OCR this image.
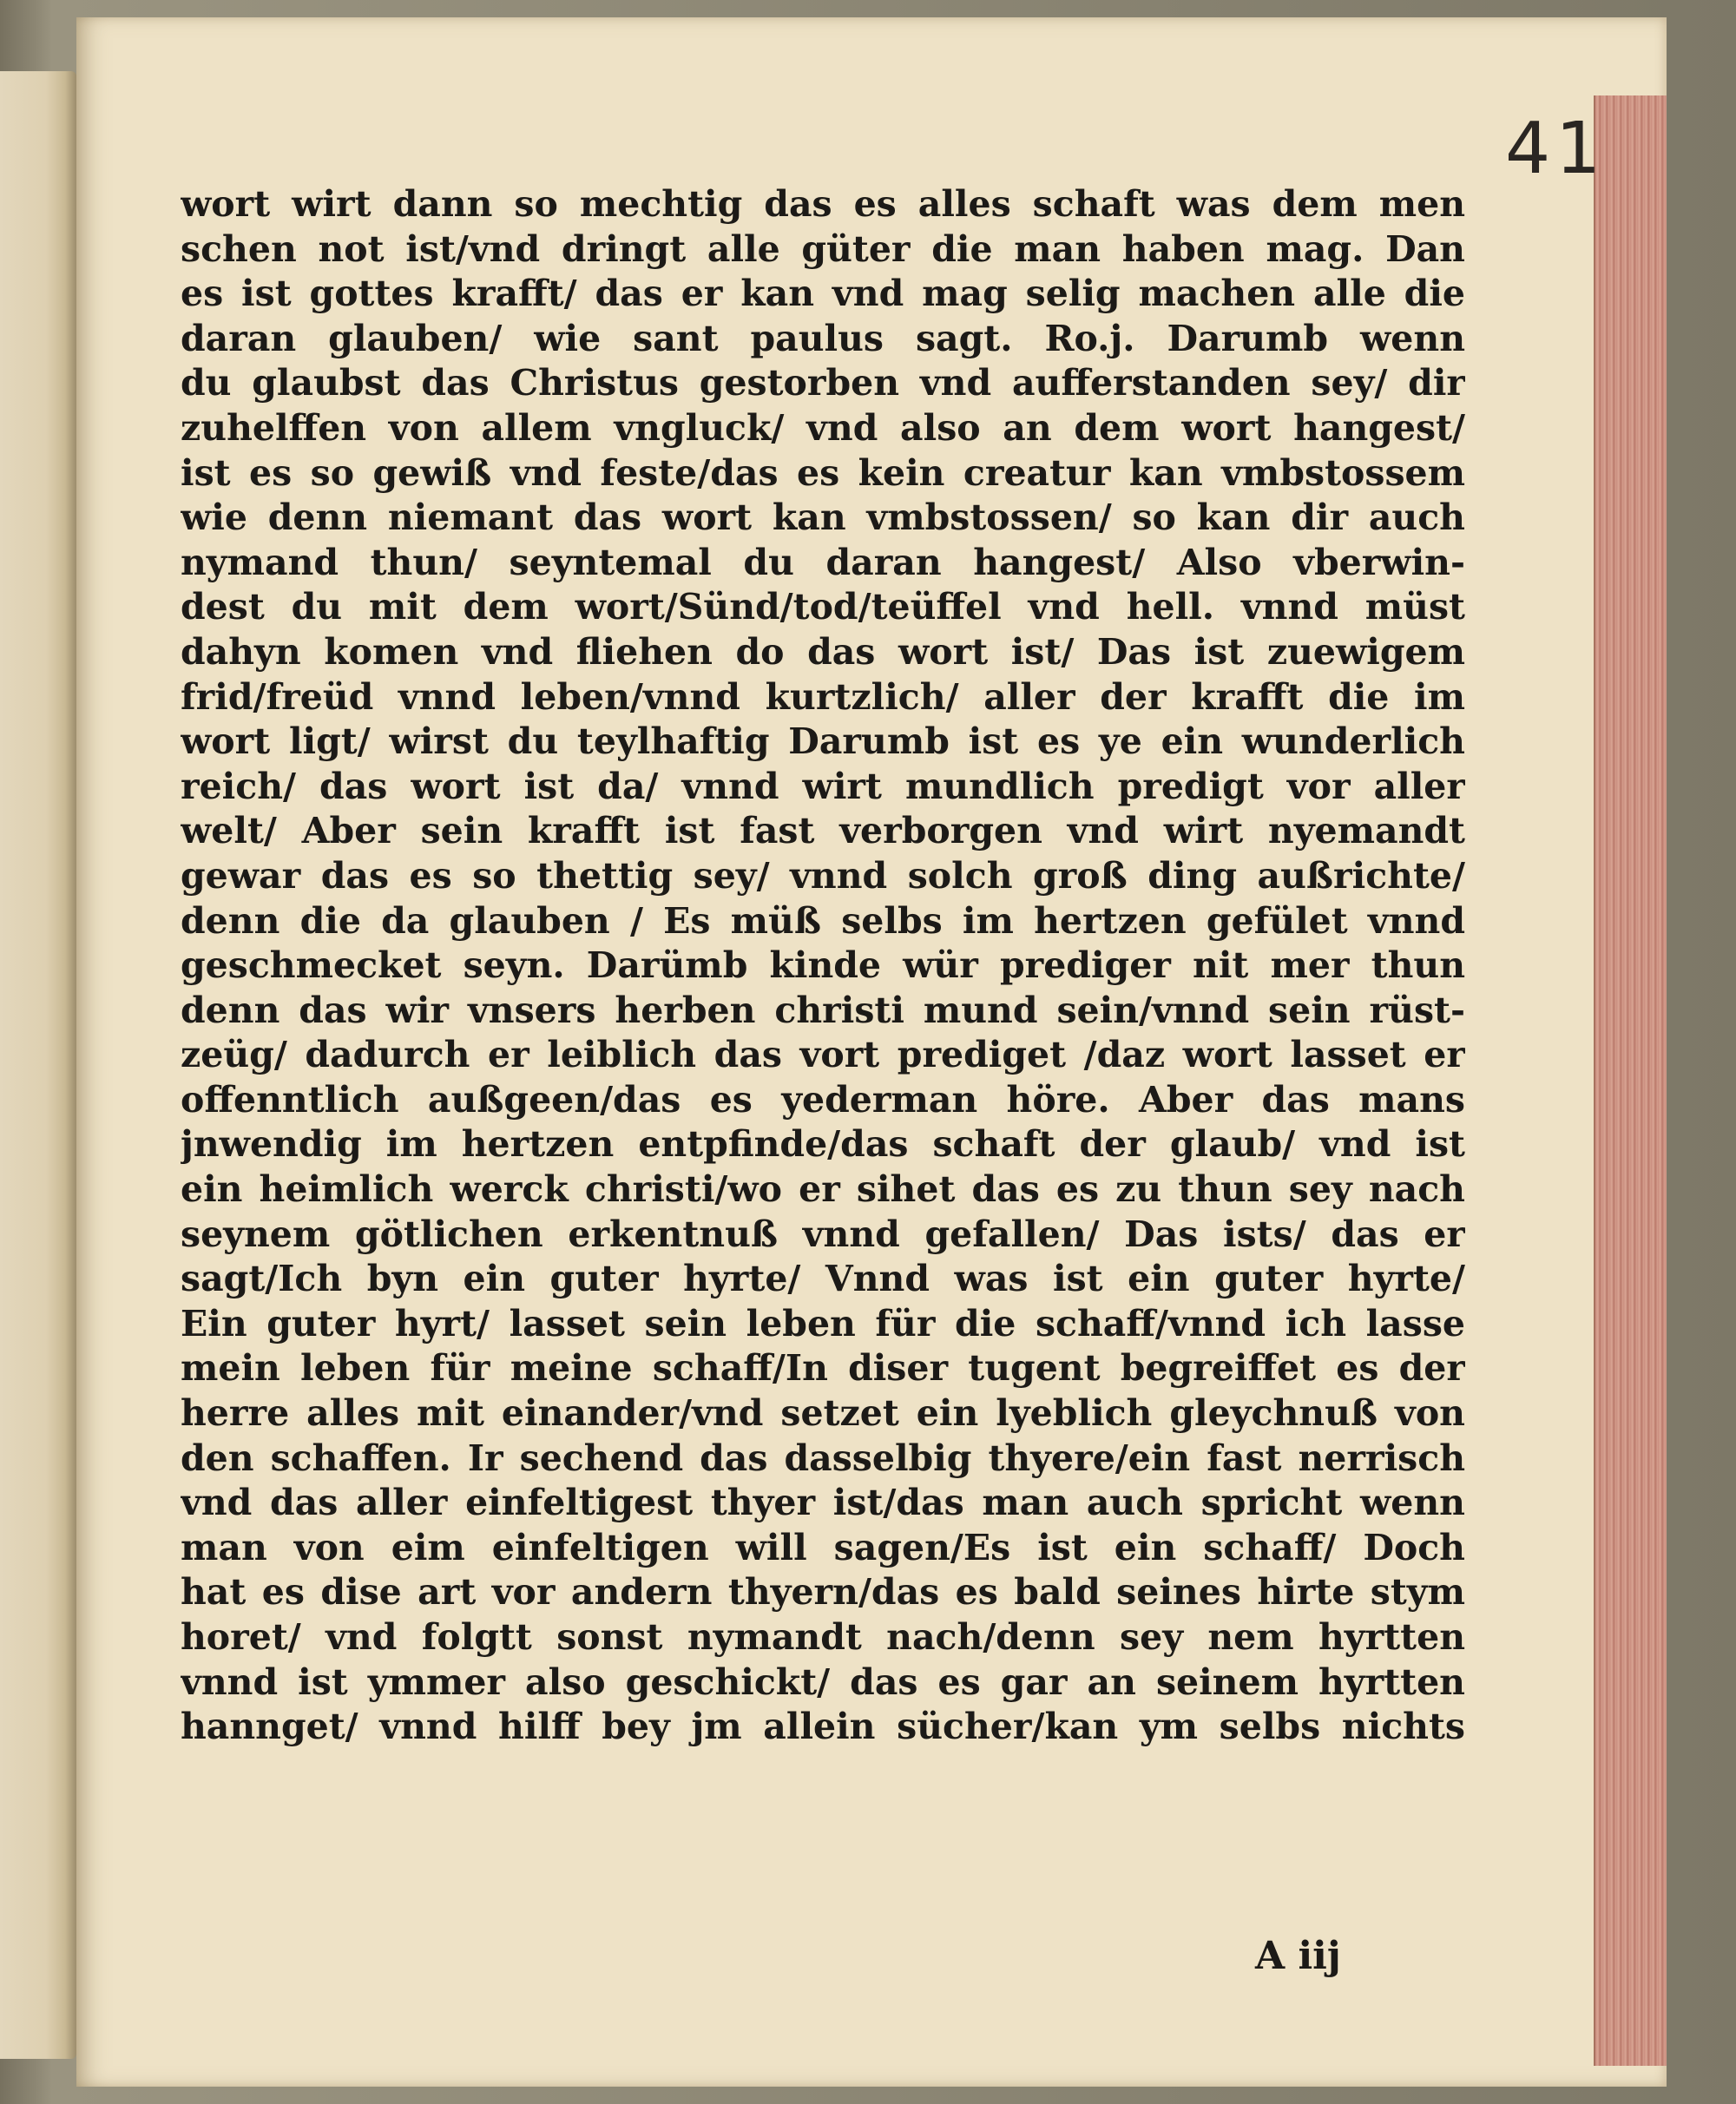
41
wort wirt dann so mechtig das es alles schaft was dem men
schen not ist/vnd dringt alle güter die man haben mag. Dan
es ist gottes krafft/ das er kan vnd mag selig machen alle die
daran glauben/ wie sant paulus sagt. Ro.j. Darumb wenn
du glaubst das Christus gestorben vnd aufferstanden sey/ dir
zuhelffen von allem vngluck/ vnd also an dem wort hangest/
ist es so gewiß vnd feste/das es kein creatur kan vmbstossem
wie denn niemant das wort kan vmbstossen/ so kan dir auch
nymand thun/ seyntemal du daran hangest/ Also vberwin-
dest du mit dem wort/Sünd/tod/teüffel vnd hell. vnnd müst
dahyn komen vnd fliehen do das wort ist/ Das ist zuewigem
frid/freüd vnnd leben/vnnd kurtzlich/ aller der krafft die im
wort ligt/ wirst du teylhaftig Darumb ist es ye ein wunderlich
reich/ das wort ist da/ vnnd wirt mundlich predigt vor aller
welt/ Aber sein krafft ist fast verborgen vnd wirt nyemandt
gewar das es so thettig sey/ vnnd solch groß ding außrichte/
denn die da glauben / Es müß selbs im hertzen gefület vnnd
geschmecket seyn. Darümb kinde wür prediger nit mer thun
denn das wir vnsers herben christi mund sein/vnnd sein rüst-
zeüg/ dadurch er leiblich das vort prediget /daz wort lasset er
offenntlich außgeen/das es yederman höre. Aber das mans
jnwendig im hertzen entpfinde/das schaft der glaub/ vnd ist
ein heimlich werck christi/wo er sihet das es zu thun sey nach
seynem götlichen erkentnuß vnnd gefallen/ Das ists/ das er
sagt/Ich byn ein guter hyrte/ Vnnd was ist ein guter hyrte/
Ein guter hyrt/ lasset sein leben für die schaff/vnnd ich lasse
mein leben für meine schaff/In diser tugent begreiffet es der
herre alles mit einander/vnd setzet ein lyeblich gleychnuß von
den schaffen. Ir sechend das dasselbig thyere/ein fast nerrisch
vnd das aller einfeltigest thyer ist/das man auch spricht wenn
man von eim einfeltigen will sagen/Es ist ein schaff/ Doch
hat es dise art vor andern thyern/das es bald seines hirte stym
horet/ vnd folgtt sonst nymandt nach/denn sey nem hyrtten
vnnd ist ymmer also geschickt/ das es gar an seinem hyrtten
hannget/ vnnd hilff bey jm allein sücher/kan ym selbs nichts
A iij
